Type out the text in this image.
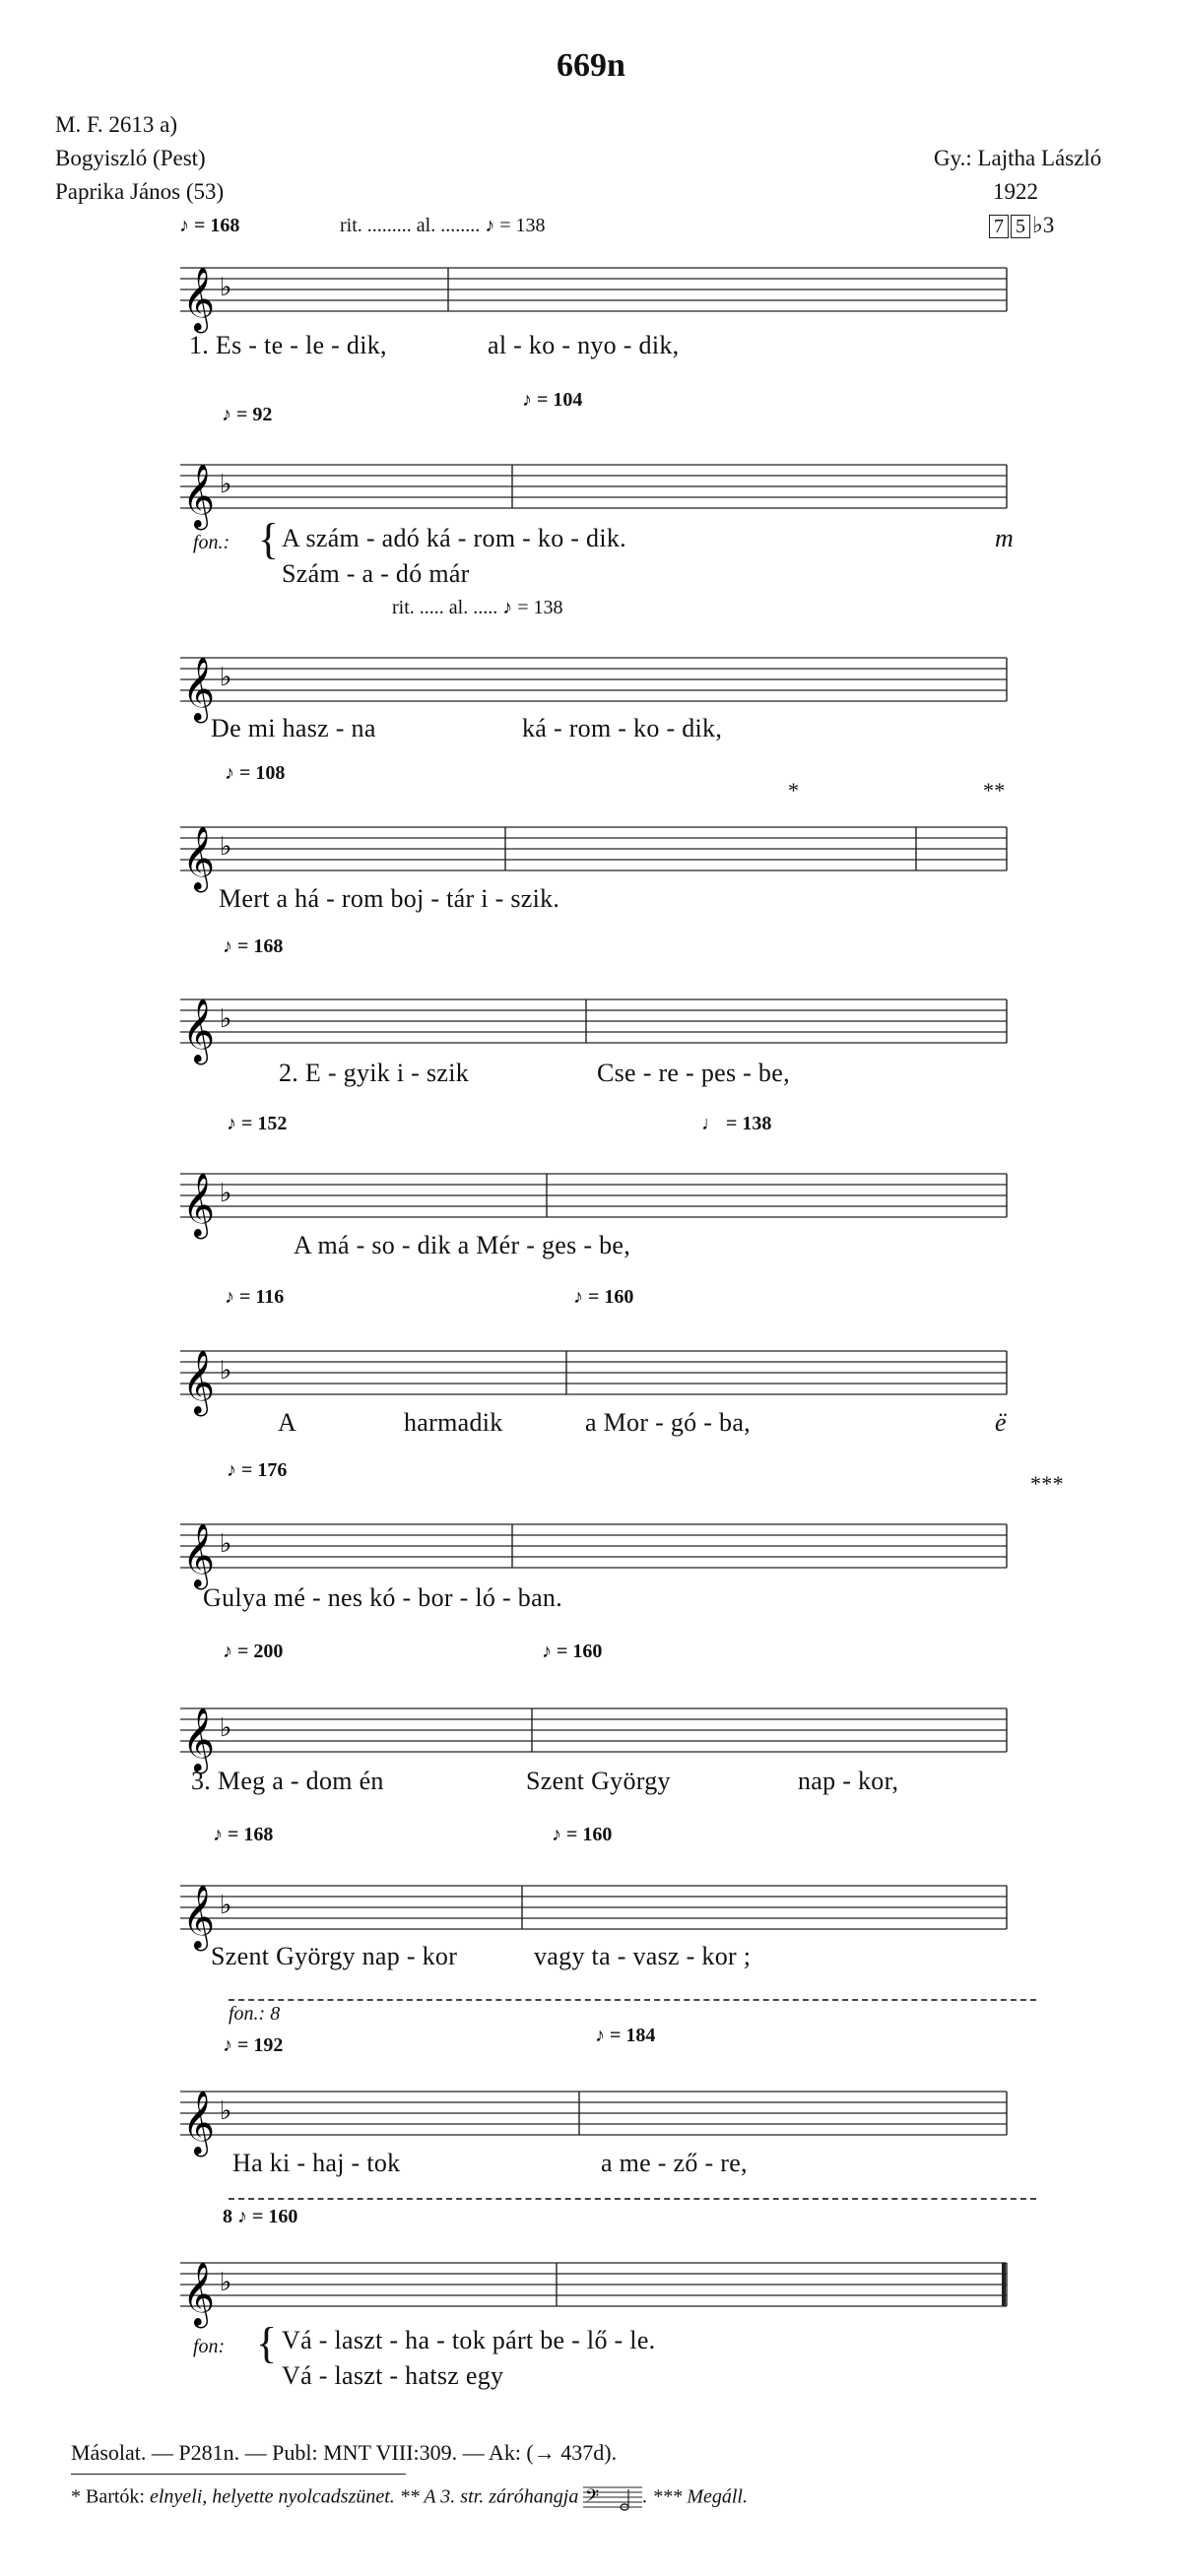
669n
M. F. 2613 a)
Bogyiszló (Pest)
Paprika János (53)
Gy.: Lajtha László
1922
7 5 ♭3
♪ = 168	rit. ......... al. ........ ♪ = 138
𝄞 ♭
1. Es - te - le - dik,	al - ko - nyo - dik,
♪ = 92
♪ = 104
𝄞 ♭
fon.: { A szám - adó ká - rom - ko - dik.
Szám - a - dó már
m
rit. ..... al. ..... ♪ = 138
𝄞 ♭
De mi hasz - na	ká - rom - ko - dik,
♪ = 108
*	**
𝄞 ♭
Mert a há - rom boj - tár i - szik.
♪ = 168
𝄞 ♭
2. E - gyik i - szik	Cse - re - pes - be,
♪ = 152	♩ = 138
𝄞 ♭
A má - so - dik a Mér - ges - be,
♪ = 116	♪ = 160
𝄞 ♭
A	harmadik	a Mor - gó - ba,	ë
♪ = 176
***
𝄞 ♭
Gulya mé - nes kó - bor - ló - ban.
♪ = 200	♪ = 160
𝄞 ♭
3. Meg a - dom én	Szent György	nap - kor,
♪ = 168	♪ = 160
𝄞 ♭
Szent György nap - kor	vagy ta - vasz - kor ;
fon.: 8
♪ = 192	♪ = 184
𝄞 ♭
Ha ki - haj - tok	a me - ző - re,
8 ♪ = 160
𝄞 ♭
fon: { Vá - laszt - ha - tok párt be - lő - le.
Vá - laszt - hatsz egy
Másolat. — P281n. — Publ: MNT VIII:309. — Ak: (→ 437d).
* Bartók: elnyeli, helyette nyolcadszünet. ** A 3. str. záróhangja 𝄢 . *** Megáll.
